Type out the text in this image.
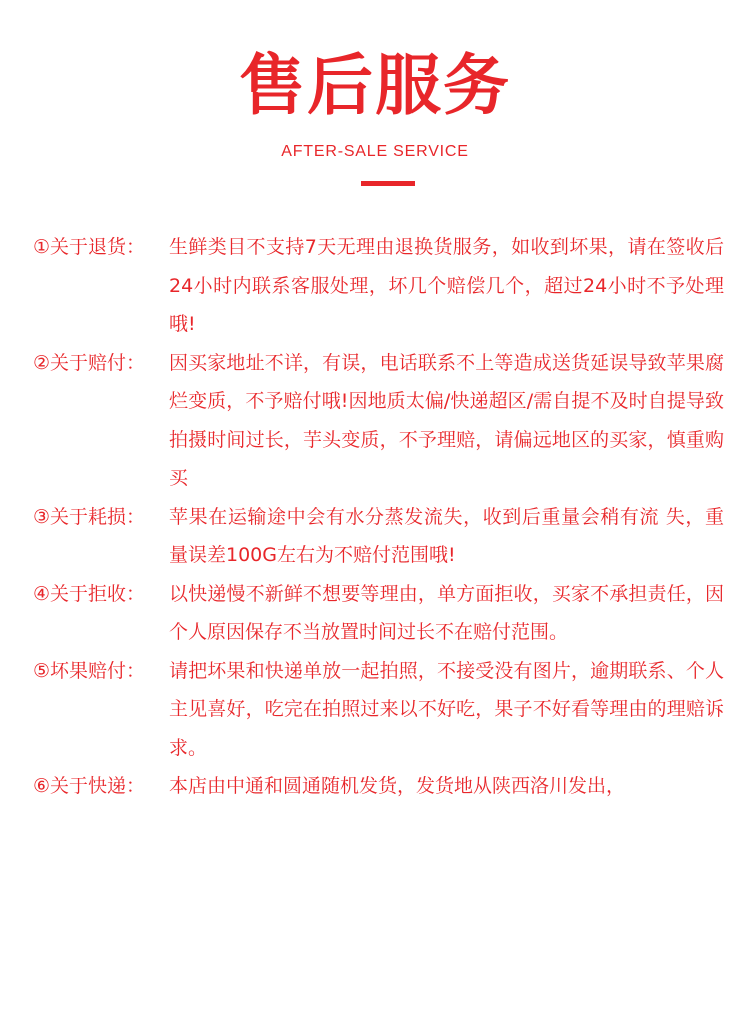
售后服务
AFTER-SALE SERVICE
①关于退货：	生鲜类目不支持7天无理由退换货服务，如收到坏果，请在签收后24小时内联系客服处理，坏几个赔偿几个，超过24小时不予处理哦!
②关于赔付：	因买家地址不详，有误，电话联系不上等造成送货延误导致苹果腐烂变质，不予赔付哦!因地质太偏/快递超区/需自提不及时自提导致拍摄时间过长，芋头变质，不予理赔，请偏远地区的买家，慎重购买
③关于耗损：	苹果在运输途中会有水分蒸发流失，收到后重量会稍有流 失，重量误差100G左右为不赔付范围哦!
④关于拒收：	以快递慢不新鲜不想要等理由，单方面拒收，买家不承担责任，因个人原因保存不当放置时间过长不在赔付范围。
⑤坏果赔付：	请把坏果和快递单放一起拍照，不接受没有图片，逾期联系、个人主见喜好，吃完在拍照过来以不好吃，果子不好看等理由的理赔诉求。
⑥关于快递：	本店由中通和圆通随机发货，发货地从陕西洛川发出，
